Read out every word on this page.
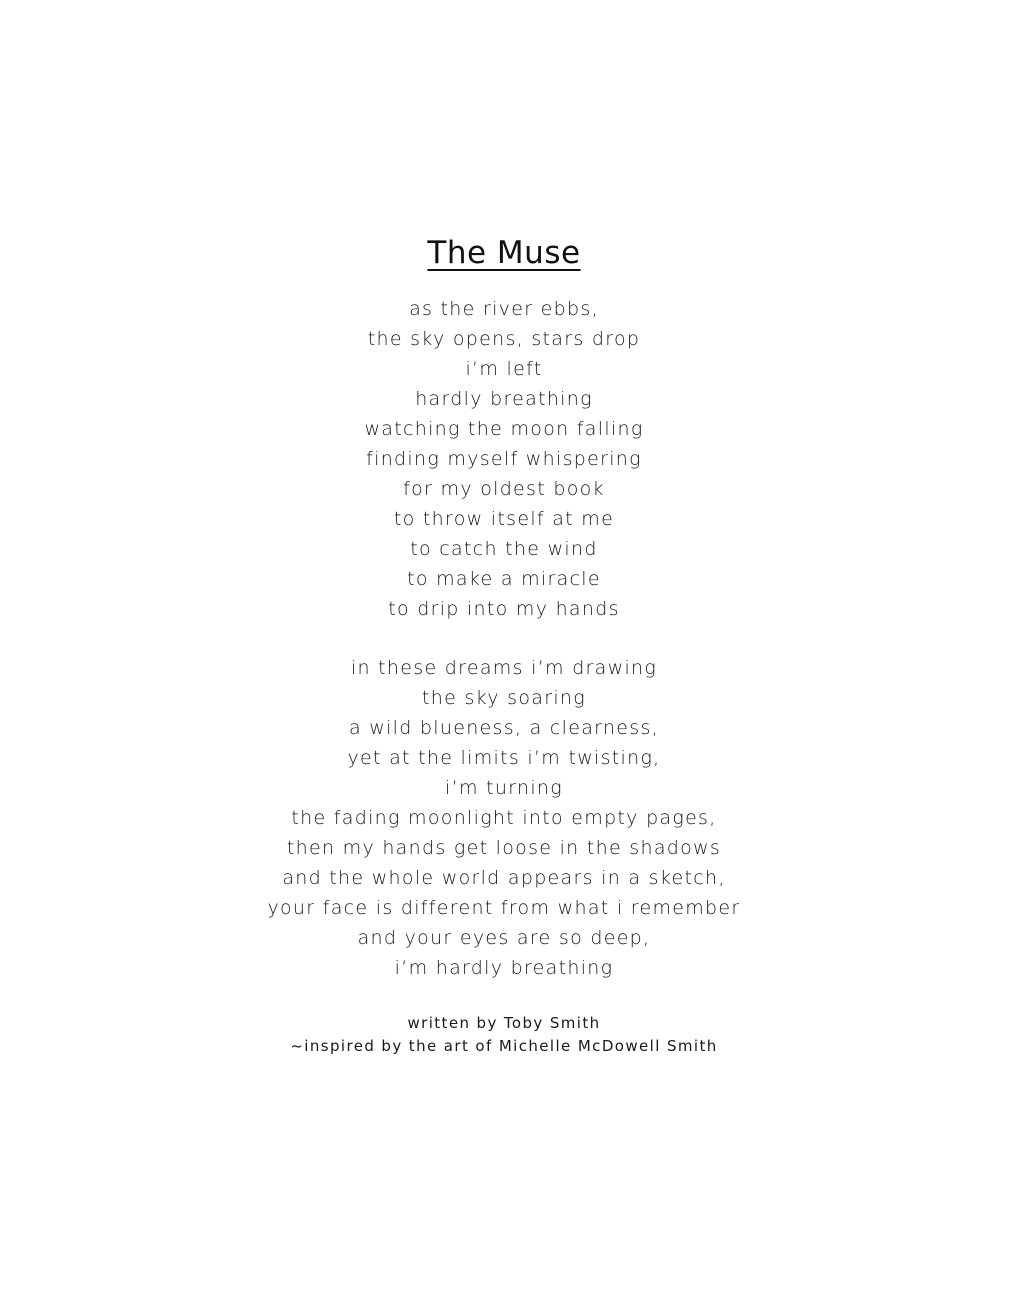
The Muse
as the river ebbs,
the sky opens, stars drop
i’m left
hardly breathing
watching the moon falling
finding myself whispering
for my oldest book
to throw itself at me
to catch the wind
to make a miracle
to drip into my hands
in these dreams i’m drawing
the sky soaring
a wild blueness, a clearness,
yet at the limits i’m twisting,
i’m turning
the fading moonlight into empty pages,
then my hands get loose in the shadows
and the whole world appears in a sketch,
your face is different from what i remember
and your eyes are so deep,
i’m hardly breathing
written by Toby Smith
~inspired by the art of Michelle McDowell Smith
